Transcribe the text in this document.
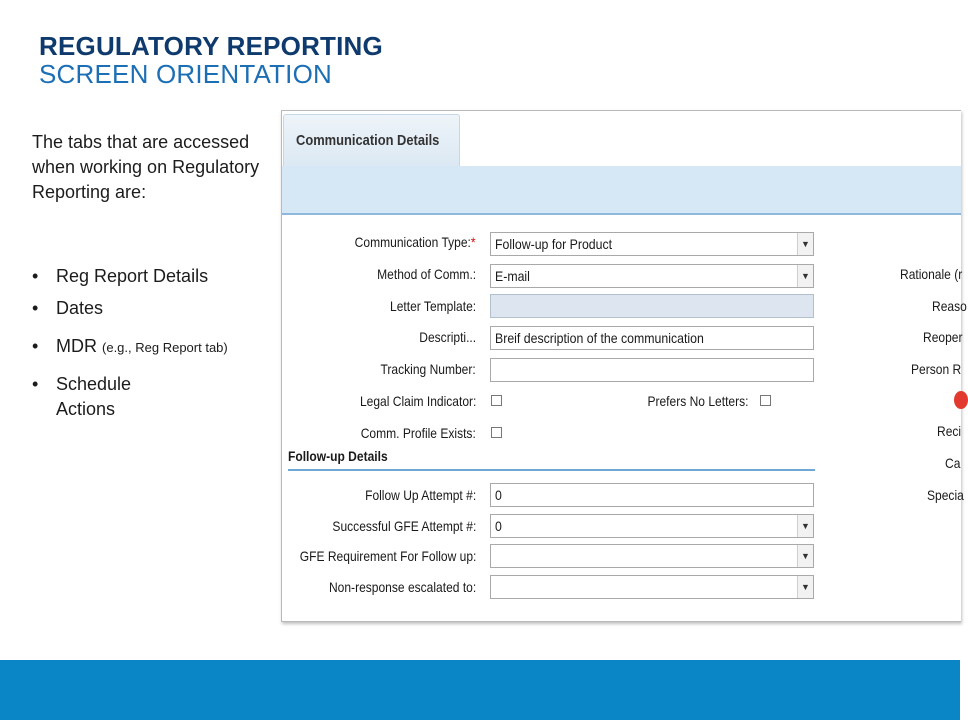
REGULATORY REPORTING
SCREEN ORIENTATION
The tabs that are accessed when working on Regulatory Reporting are:
• Reg Report Details
• Dates
• MDR (e.g., Reg Report tab)
• Schedule Actions
Communication Details
Communication Type:* Follow-up for Product	▼
Method of Comm.: E-mail	▼
Letter Template:
Descripti... Breif description of the communication
Tracking Number:
Legal Claim Indicator:	Prefers No Letters:
Comm. Profile Exists:
Follow-up Details
Follow Up Attempt #: 0
Successful GFE Attempt #: 0	▼
GFE Requirement For Follow up:	▼
Non-response escalated to:	▼
Rationale (r
Reaso
Reoper
Person R
Reci
Ca
Specia
